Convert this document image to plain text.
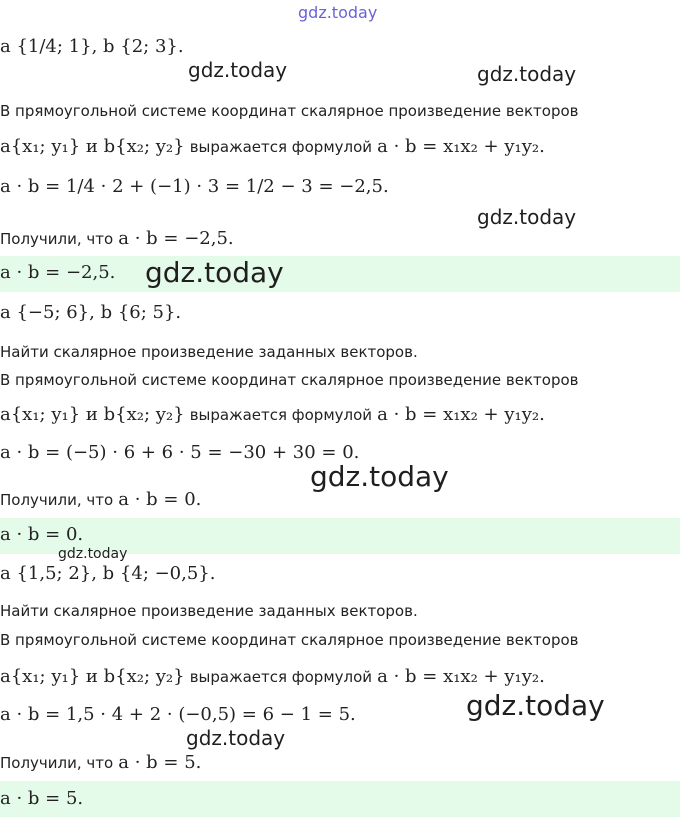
gdz.today
a {1/4; 1}, b {2; 3}.
gdz.today	gdz.today
В прямоугольной системе координат скалярное произведение векторов
a{x₁; y₁} и b{x₂; y₂} выражается формулой a · b = x₁x₂ + y₁y₂.
a · b = 1/4 · 2 + (−1) · 3 = 1/2 − 3 = −2,5.
gdz.today
Получили, что a · b = −2,5.
a · b = −2,5. gdz.today
a {−5; 6}, b {6; 5}.
Найти скалярное произведение заданных векторов.
В прямоугольной системе координат скалярное произведение векторов
a{x₁; y₁} и b{x₂; y₂} выражается формулой a · b = x₁x₂ + y₁y₂.
a · b = (−5) · 6 + 6 · 5 = −30 + 30 = 0.
gdz.today
Получили, что a · b = 0.
a · b = 0.
gdz.today
a {1,5; 2}, b {4; −0,5}.
Найти скалярное произведение заданных векторов.
В прямоугольной системе координат скалярное произведение векторов
a{x₁; y₁} и b{x₂; y₂} выражается формулой a · b = x₁x₂ + y₁y₂.
a · b = 1,5 · 4 + 2 · (−0,5) = 6 − 1 = 5.	gdz.today
gdz.today
Получили, что a · b = 5.
a · b = 5.
